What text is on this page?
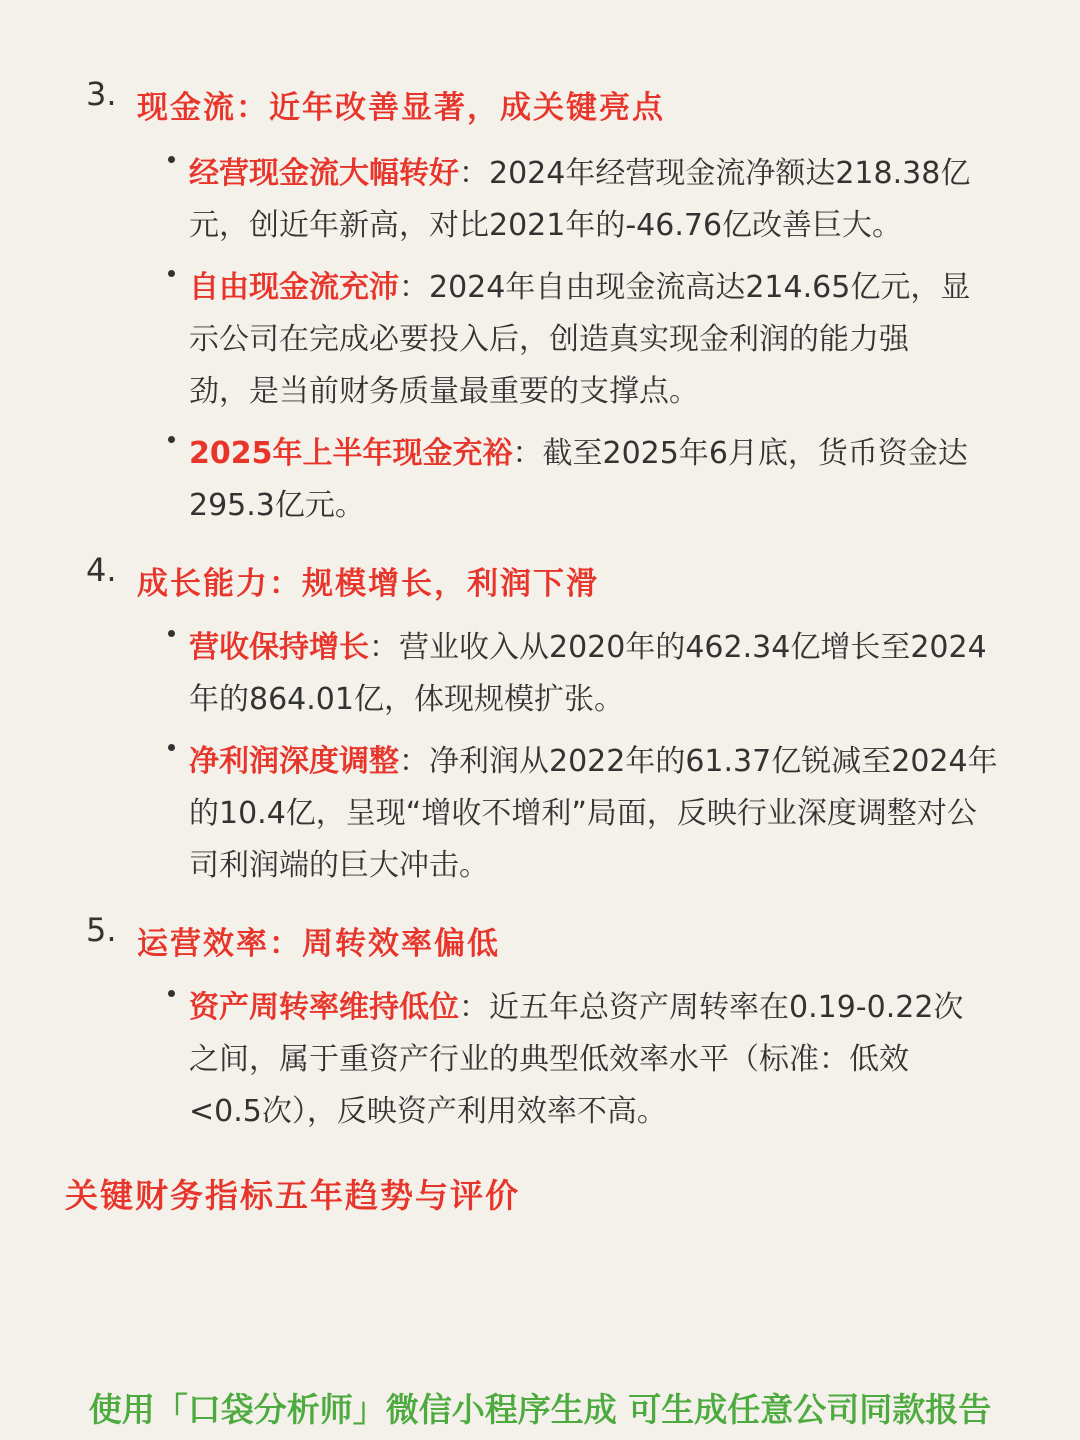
3. 现金流：近年改善显著，成关键亮点
经营现金流大幅转好：2024年经营现金流净额达218.38亿
元，创近年新高，对比2021年的-46.76亿改善巨大。
自由现金流充沛：2024年自由现金流高达214.65亿元，显
示公司在完成必要投入后，创造真实现金利润的能力强
劲，是当前财务质量最重要的支撑点。
2025年上半年现金充裕：截至2025年6月底，货币资金达
295.3亿元。
4. 成长能力：规模增长，利润下滑
营收保持增长：营业收入从2020年的462.34亿增长至2024
年的864.01亿，体现规模扩张。
净利润深度调整：净利润从2022年的61.37亿锐减至2024年
的10.4亿，呈现“增收不增利”局面，反映行业深度调整对公
司利润端的巨大冲击。
5. 运营效率：周转效率偏低
资产周转率维持低位：近五年总资产周转率在0.19-0.22次
之间，属于重资产行业的典型低效率水平（标准：低效
<0.5次），反映资产利用效率不高。
关键财务指标五年趋势与评价
使用「口袋分析师」微信小程序生成 可生成任意公司同款报告
